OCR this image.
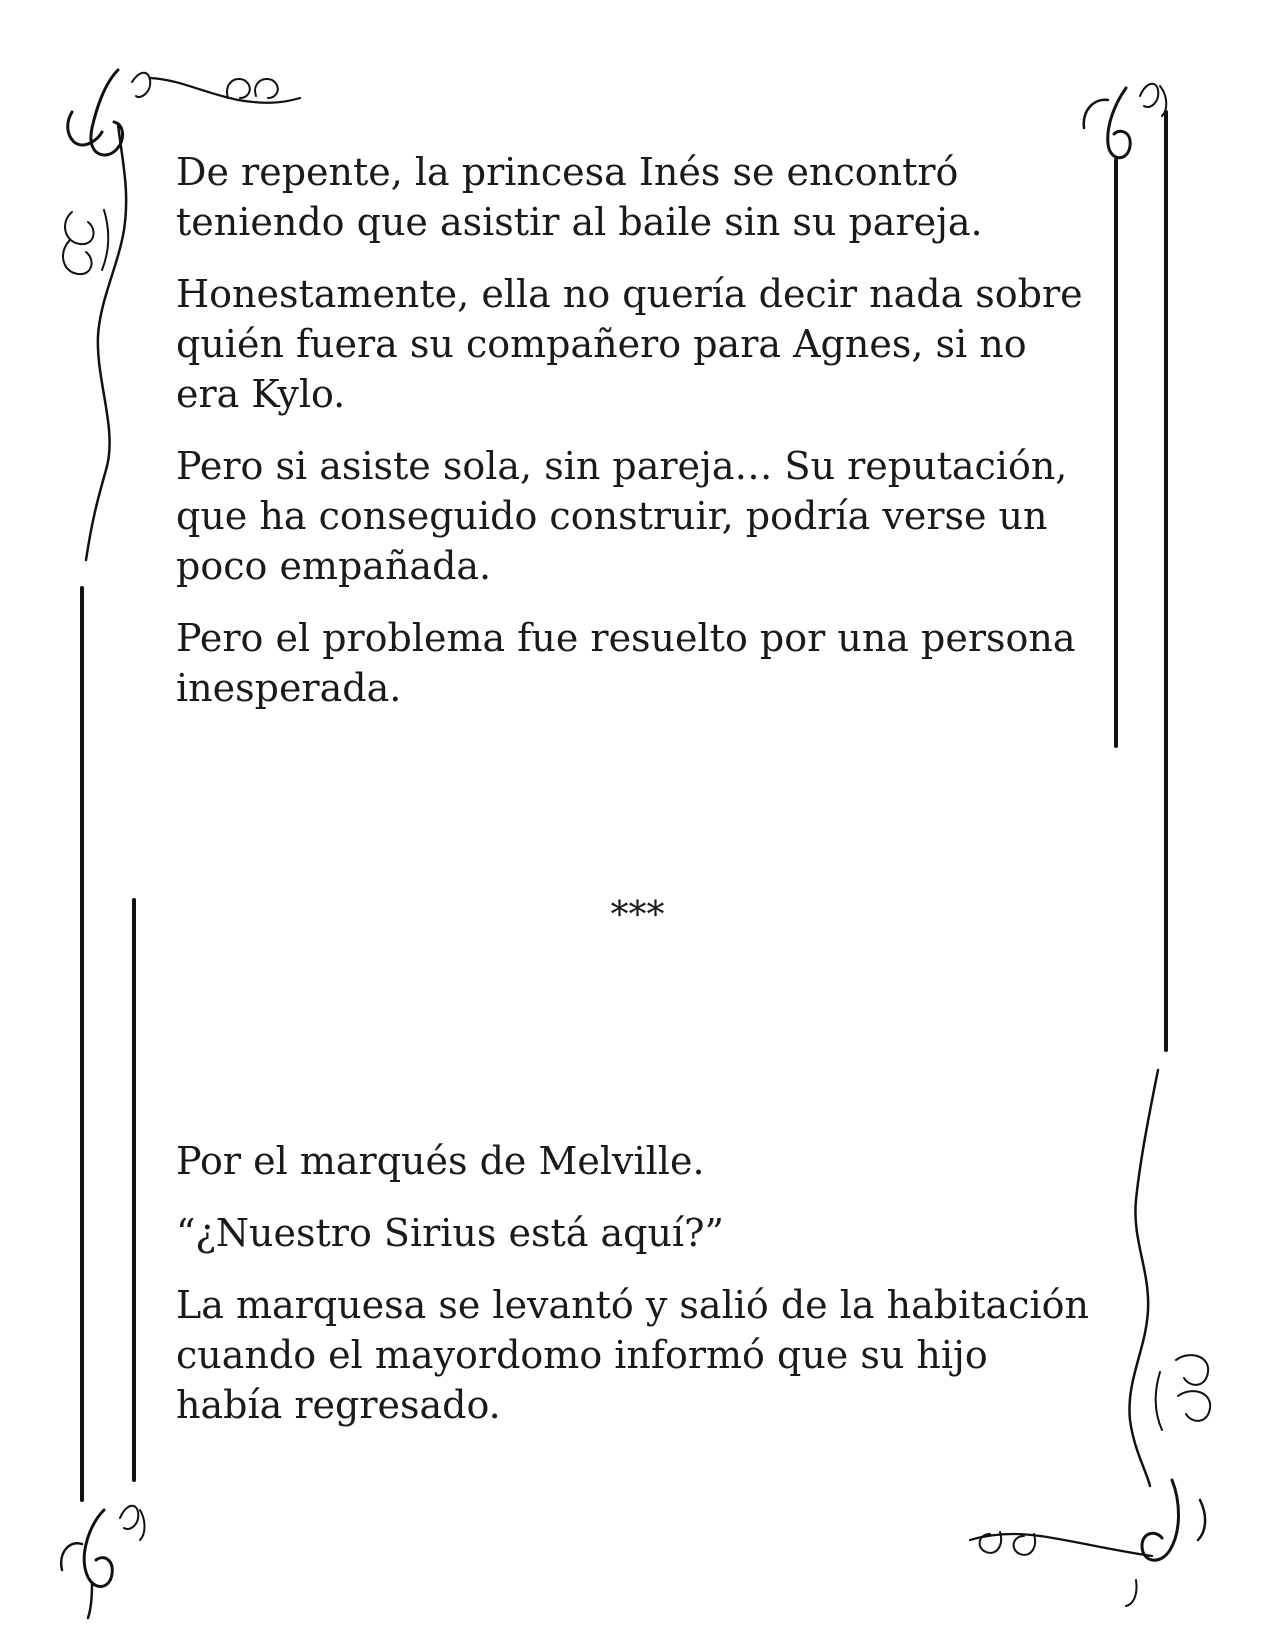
De repente, la princesa Inés se encontró teniendo que asistir al baile sin su pareja.

Honestamente, ella no quería decir nada sobre quién fuera su compañero para Agnes, si no era Kylo.

Pero si asiste sola, sin pareja… Su reputación, que ha conseguido construir, podría verse un poco empañada.

Pero el problema fue resuelto por una persona inesperada.

***

Por el marqués de Melville.

“¿Nuestro Sirius está aquí?”

La marquesa se levantó y salió de la habitación cuando el mayordomo informó que su hijo había regresado.
